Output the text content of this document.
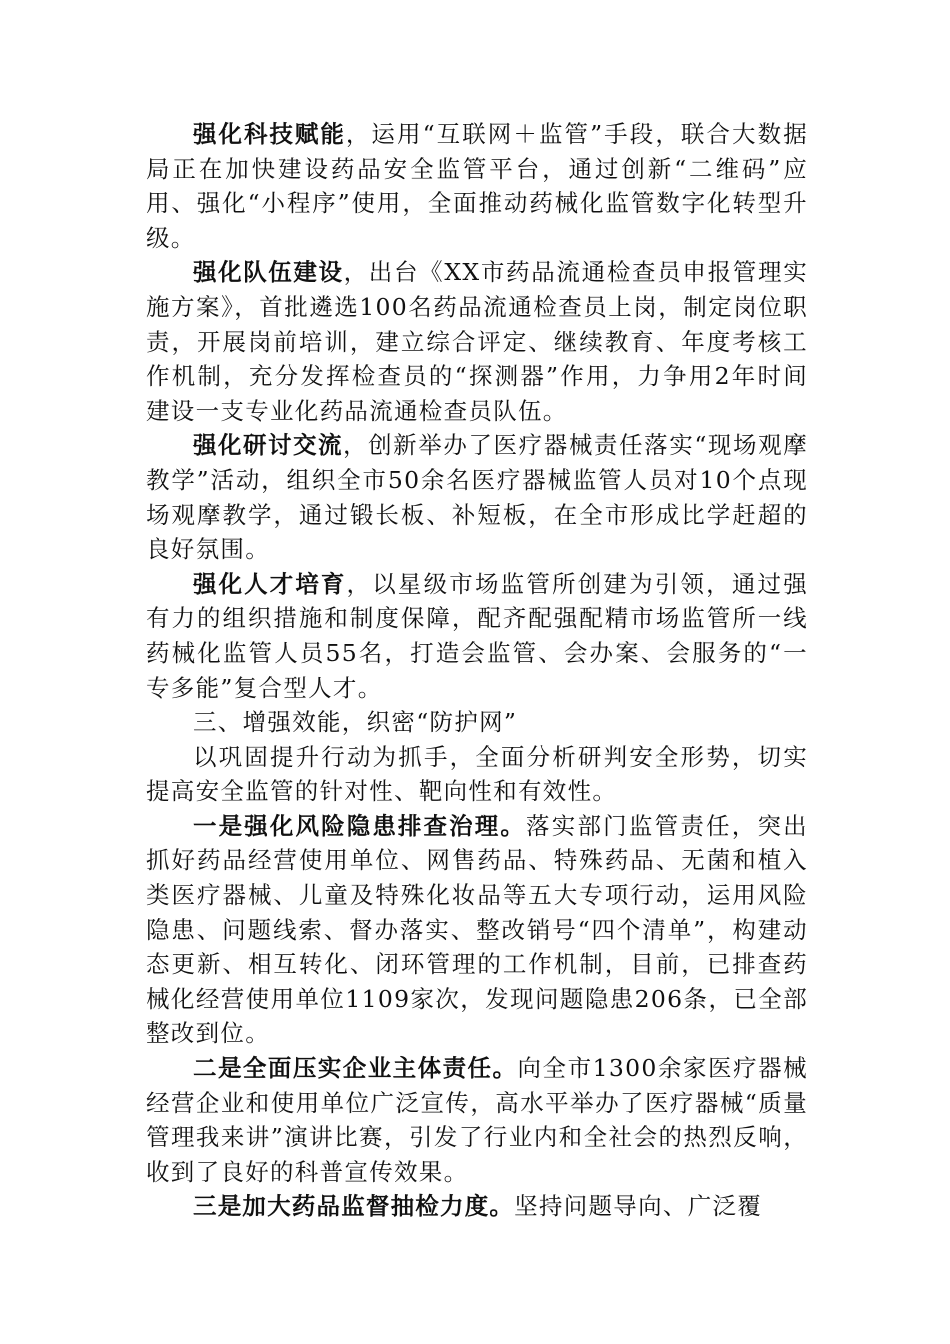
强化科技赋能，运用“互联网＋监管”手段，联合大数据局正在加快建设药品安全监管平台，通过创新“二维码”应用、强化“小程序”使用，全面推动药械化监管数字化转型升级。

强化队伍建设，出台《XX市药品流通检查员申报管理实施方案》，首批遴选100名药品流通检查员上岗，制定岗位职责，开展岗前培训，建立综合评定、继续教育、年度考核工作机制，充分发挥检查员的“探测器”作用，力争用2年时间建设一支专业化药品流通检查员队伍。

强化研讨交流，创新举办了医疗器械责任落实“现场观摩教学”活动，组织全市50余名医疗器械监管人员对10个点现场观摩教学，通过锻长板、补短板，在全市形成比学赶超的良好氛围。

强化人才培育，以星级市场监管所创建为引领，通过强有力的组织措施和制度保障，配齐配强配精市场监管所一线药械化监管人员55名，打造会监管、会办案、会服务的“一专多能”复合型人才。

三、增强效能，织密“防护网”

以巩固提升行动为抓手，全面分析研判安全形势，切实提高安全监管的针对性、靶向性和有效性。

一是强化风险隐患排查治理。落实部门监管责任，突出抓好药品经营使用单位、网售药品、特殊药品、无菌和植入类医疗器械、儿童及特殊化妆品等五大专项行动，运用风险隐患、问题线索、督办落实、整改销号“四个清单”，构建动态更新、相互转化、闭环管理的工作机制，目前，已排查药械化经营使用单位1109家次，发现问题隐患206条，已全部整改到位。

二是全面压实企业主体责任。向全市1300余家医疗器械经营企业和使用单位广泛宣传，高水平举办了医疗器械“质量管理我来讲”演讲比赛，引发了行业内和全社会的热烈反响，收到了良好的科普宣传效果。

三是加大药品监督抽检力度。坚持问题导向、广泛覆
